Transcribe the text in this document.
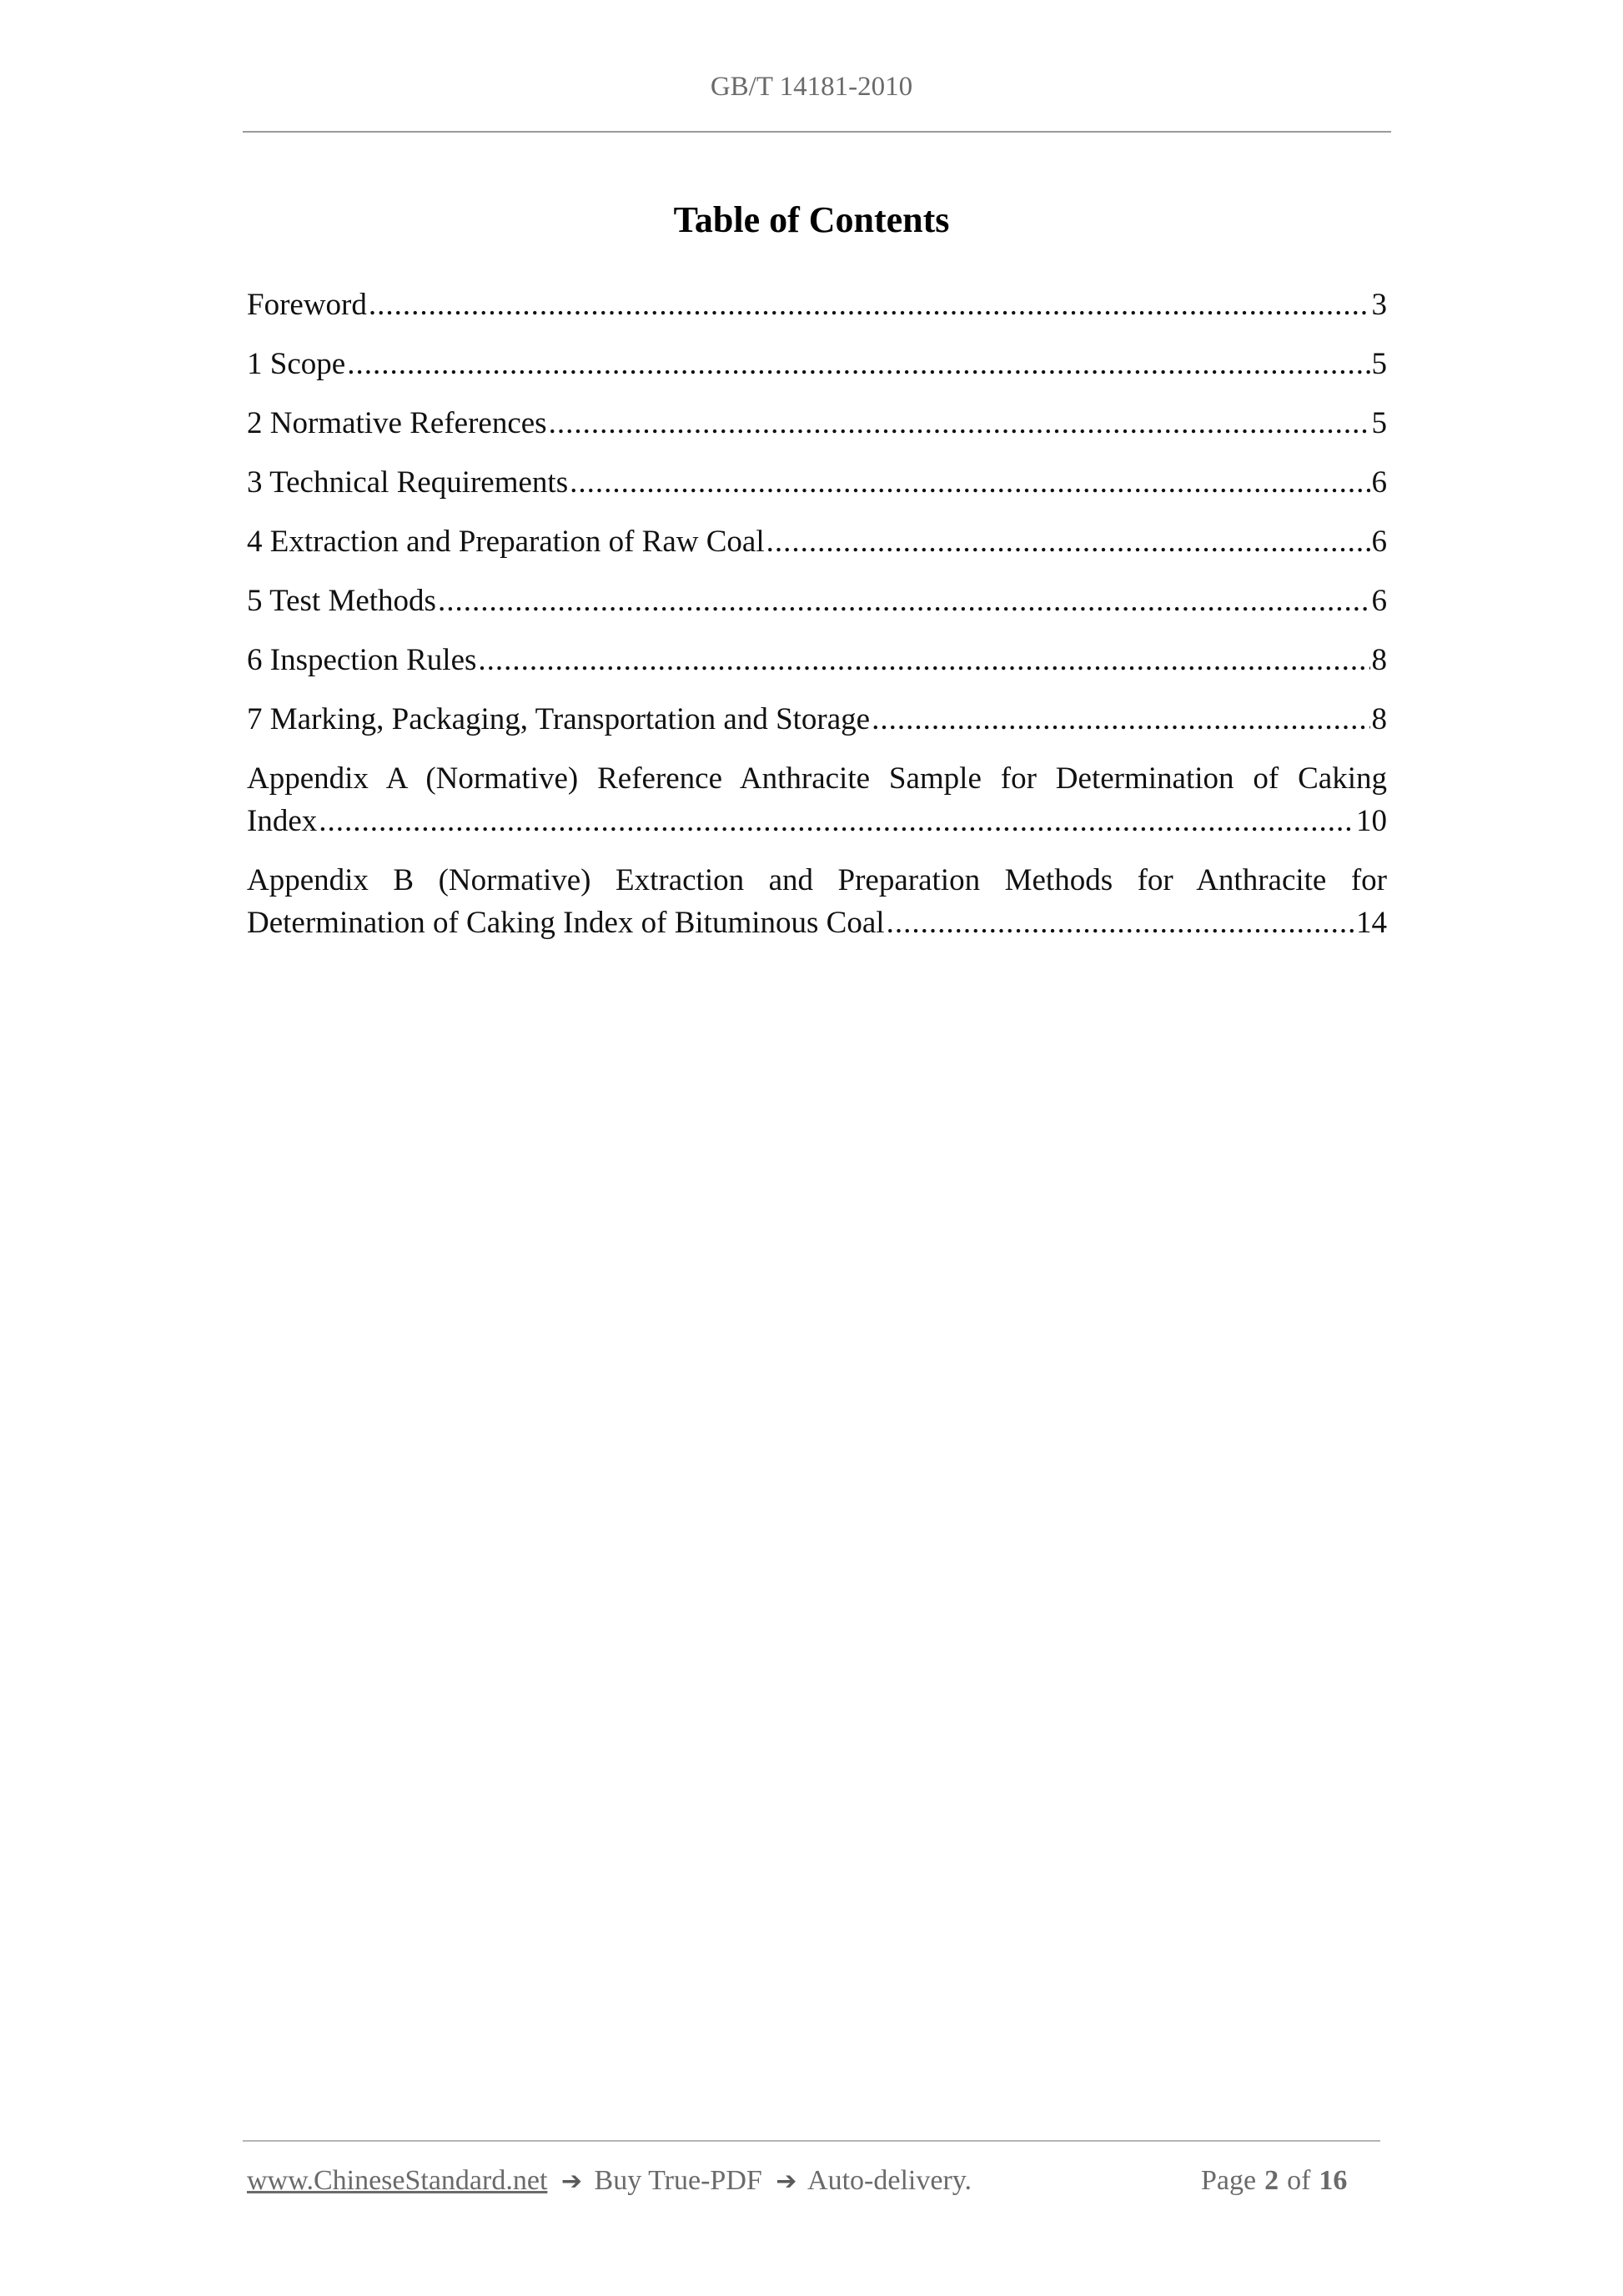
GB/T 14181-2010
Table of Contents
Foreword .....	3
1 Scope .....	5
2 Normative References .....	5
3 Technical Requirements .....	6
4 Extraction and Preparation of Raw Coal .....	6
5 Test Methods .....	6
6 Inspection Rules .....	8
7 Marking, Packaging, Transportation and Storage .....	8
Appendix A (Normative) Reference Anthracite Sample for Determination of Caking
Index .....	10
Appendix B (Normative) Extraction and Preparation Methods for Anthracite for
Determination of Caking Index of Bituminous Coal .....	14
www.ChineseStandard.net ➔ Buy True-PDF ➔ Auto-delivery.	Page 2 of 16
